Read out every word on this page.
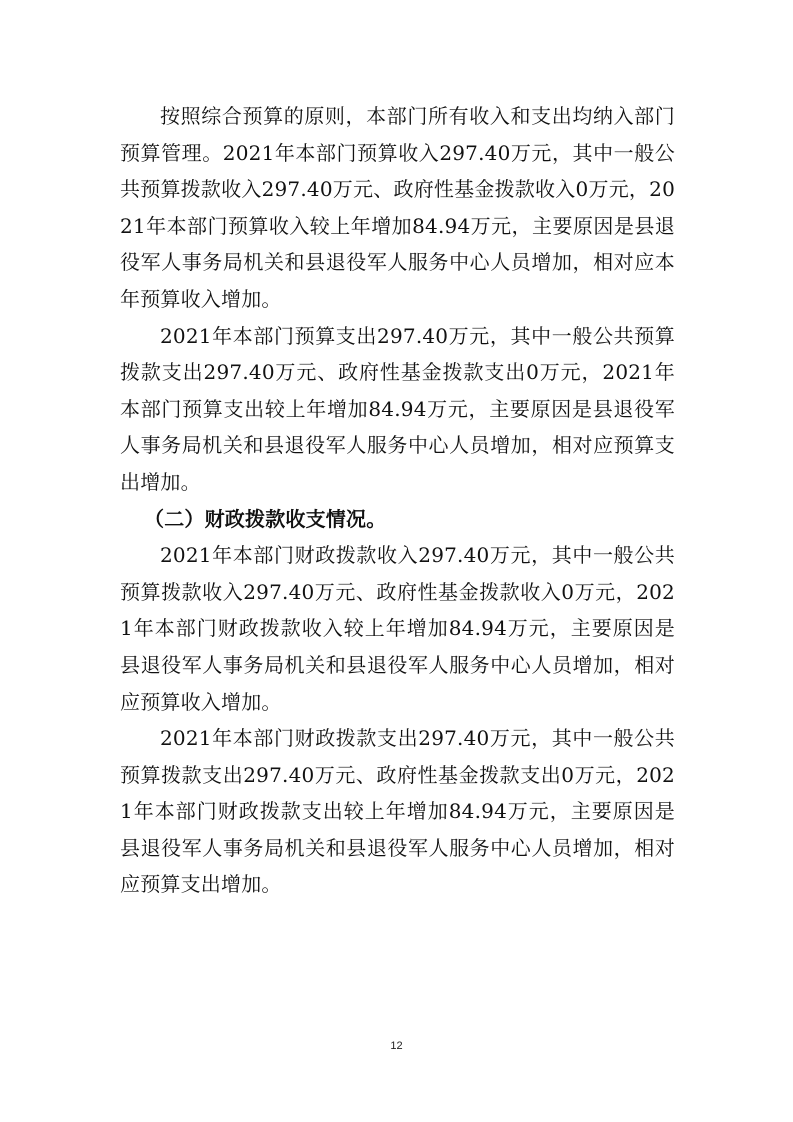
按照综合预算的原则，本部门所有收入和支出均纳入部门预算管理。2021年本部门预算收入297.40万元，其中一般公共预算拨款收入297.40万元、政府性基金拨款收入0万元，2021年本部门预算收入较上年增加84.94万元，主要原因是县退役军人事务局机关和县退役军人服务中心人员增加，相对应本年预算收入增加。

2021年本部门预算支出297.40万元，其中一般公共预算拨款支出297.40万元、政府性基金拨款支出0万元，2021年本部门预算支出较上年增加84.94万元，主要原因是县退役军人事务局机关和县退役军人服务中心人员增加，相对应预算支出增加。

（二）财政拨款收支情况。

2021年本部门财政拨款收入297.40万元，其中一般公共预算拨款收入297.40万元、政府性基金拨款收入0万元，2021年本部门财政拨款收入较上年增加84.94万元，主要原因是县退役军人事务局机关和县退役军人服务中心人员增加，相对应预算收入增加。

2021年本部门财政拨款支出297.40万元，其中一般公共预算拨款支出297.40万元、政府性基金拨款支出0万元，2021年本部门财政拨款支出较上年增加84.94万元，主要原因是县退役军人事务局机关和县退役军人服务中心人员增加，相对应预算支出增加。

12
